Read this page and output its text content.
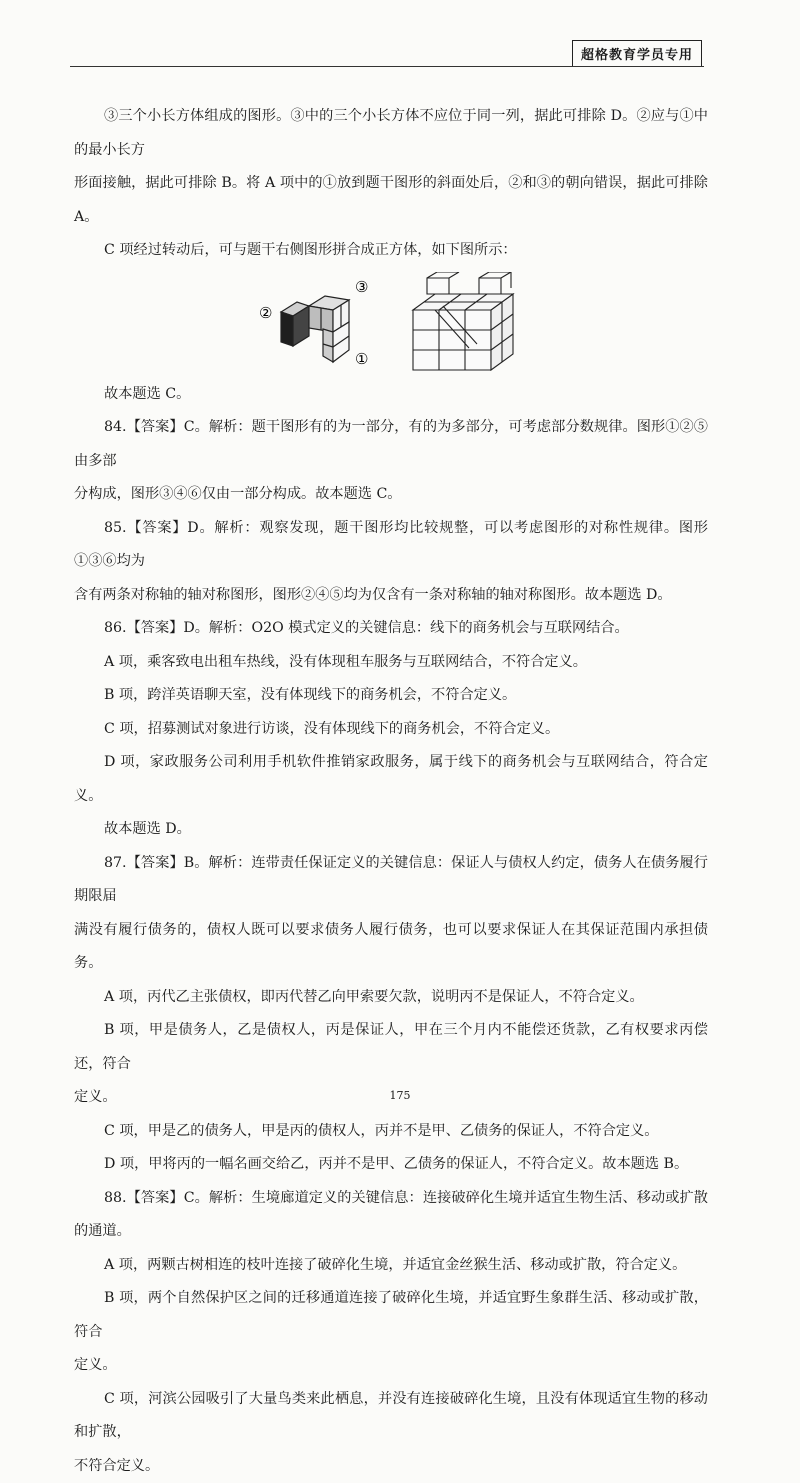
超格教育学员专用

③三个小长方体组成的图形。③中的三个小长方体不应位于同一列，据此可排除 D。②应与①中的最小长方

形面接触，据此可排除 B。将 A 项中的①放到题干图形的斜面处后，②和③的朝向错误，据此可排除 A。

C 项经过转动后，可与题干右侧图形拼合成正方体，如下图所示：

②
③
①

故本题选 C。

84.【答案】C。解析：题干图形有的为一部分，有的为多部分，可考虑部分数规律。图形①②⑤由多部

分构成，图形③④⑥仅由一部分构成。故本题选 C。

85.【答案】D。解析：观察发现，题干图形均比较规整，可以考虑图形的对称性规律。图形①③⑥均为

含有两条对称轴的轴对称图形，图形②④⑤均为仅含有一条对称轴的轴对称图形。故本题选 D。

86.【答案】D。解析：O2O 模式定义的关键信息：线下的商务机会与互联网结合。

A 项，乘客致电出租车热线，没有体现租车服务与互联网结合，不符合定义。

B 项，跨洋英语聊天室，没有体现线下的商务机会，不符合定义。

C 项，招募测试对象进行访谈，没有体现线下的商务机会，不符合定义。

D 项，家政服务公司利用手机软件推销家政服务，属于线下的商务机会与互联网结合，符合定义。

故本题选 D。

87.【答案】B。解析：连带责任保证定义的关键信息：保证人与债权人约定，债务人在债务履行期限届

满没有履行债务的，债权人既可以要求债务人履行债务，也可以要求保证人在其保证范围内承担债务。

A 项，丙代乙主张债权，即丙代替乙向甲索要欠款，说明丙不是保证人，不符合定义。

B 项，甲是债务人，乙是债权人，丙是保证人，甲在三个月内不能偿还货款，乙有权要求丙偿还，符合

定义。

C 项，甲是乙的债务人，甲是丙的债权人，丙并不是甲、乙债务的保证人，不符合定义。

D 项，甲将丙的一幅名画交给乙，丙并不是甲、乙债务的保证人，不符合定义。故本题选 B。

88.【答案】C。解析：生境廊道定义的关键信息：连接破碎化生境并适宜生物生活、移动或扩散的通道。

A 项，两颗古树相连的枝叶连接了破碎化生境，并适宜金丝猴生活、移动或扩散，符合定义。

B 项，两个自然保护区之间的迁移通道连接了破碎化生境，并适宜野生象群生活、移动或扩散，符合

定义。

C 项，河滨公园吸引了大量鸟类来此栖息，并没有连接破碎化生境，且没有体现适宜生物的移动和扩散，

不符合定义。

175
